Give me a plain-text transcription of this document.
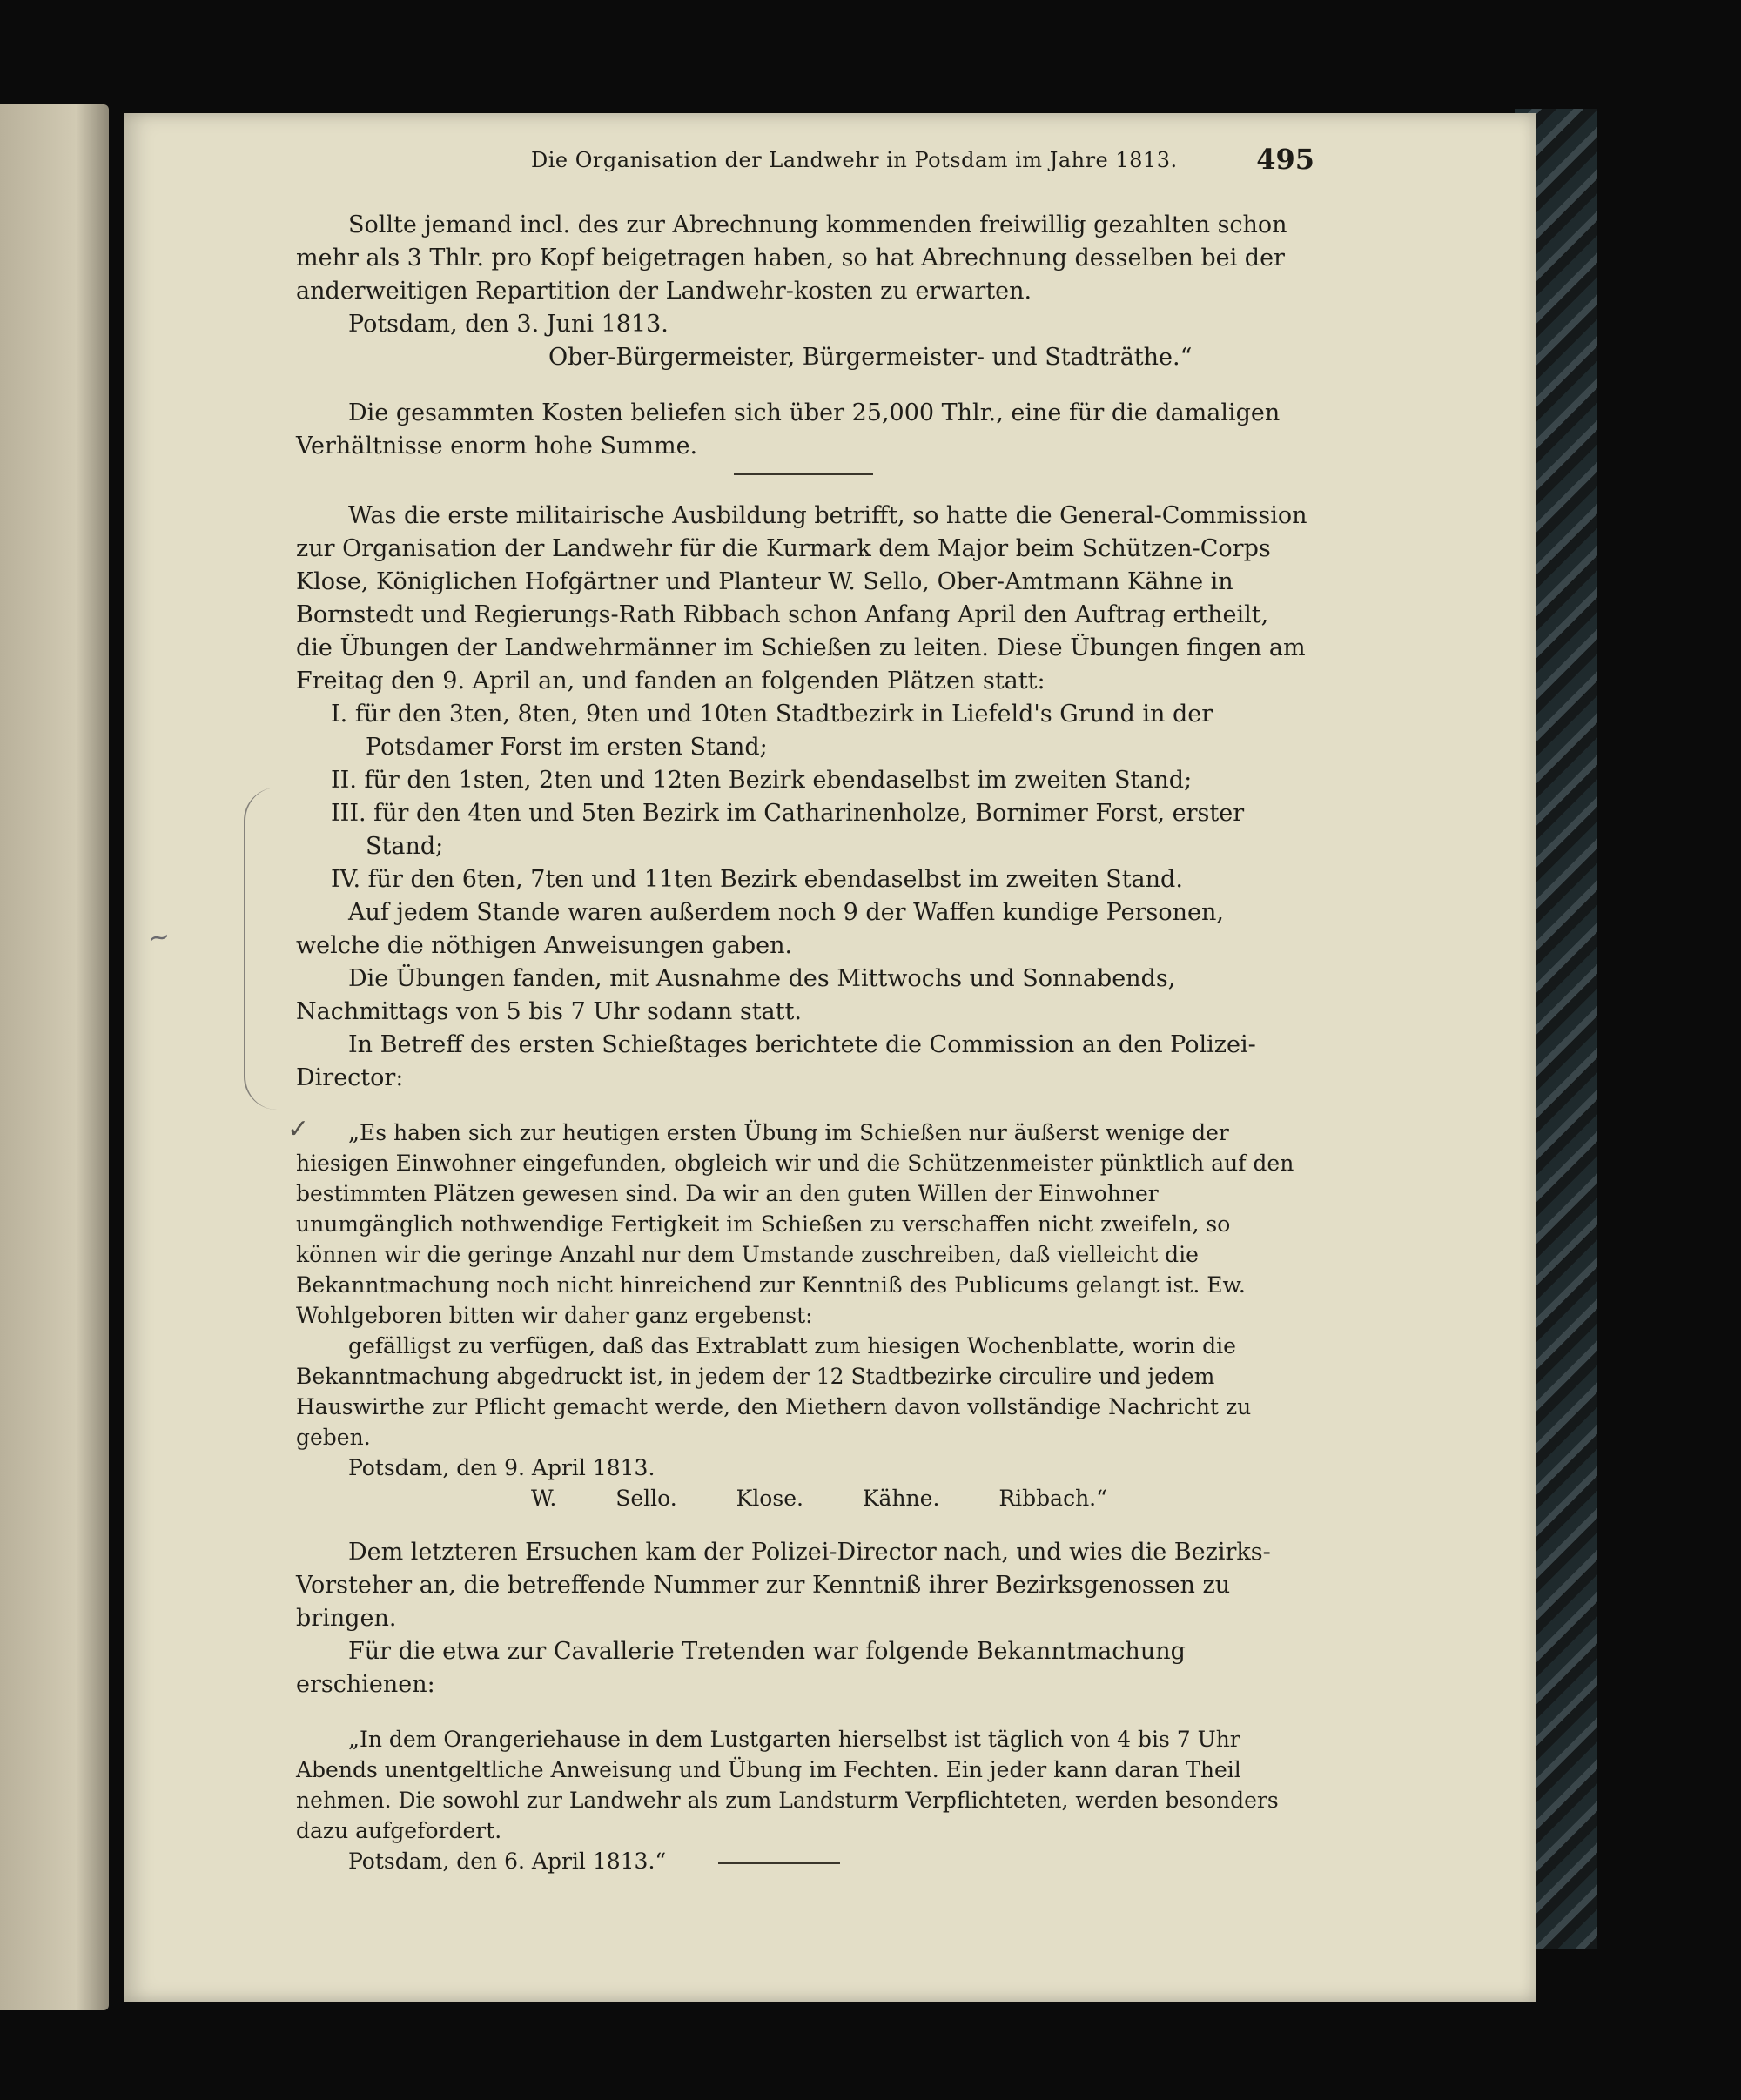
Die Organisation der Landwehr in Potsdam im Jahre 1813.	495
~
✓

Sollte jemand incl. des zur Abrechnung kommenden freiwillig gezahlten schon mehr als 3 Thlr. pro Kopf beigetragen haben, so hat Abrechnung desselben bei der anderweitigen Repartition der Landwehr-kosten zu erwarten.

Potsdam, den 3. Juni 1813.

Ober-Bürgermeister, Bürgermeister- und Stadträthe.“

Die gesammten Kosten beliefen sich über 25,000 Thlr., eine für die damaligen Verhältnisse enorm hohe Summe.

Was die erste militairische Ausbildung betrifft, so hatte die General-Commission zur Organisation der Landwehr für die Kurmark dem Major beim Schützen-Corps Klose, Königlichen Hofgärtner und Planteur W. Sello, Ober-Amtmann Kähne in Bornstedt und Regierungs-Rath Ribbach schon Anfang April den Auftrag ertheilt, die Übungen der Landwehrmänner im Schießen zu leiten. Diese Übungen fingen am Freitag den 9. April an, und fanden an folgenden Plätzen statt:

I. für den 3ten, 8ten, 9ten und 10ten Stadtbezirk in Liefeld's Grund in der Potsdamer Forst im ersten Stand;

II. für den 1sten, 2ten und 12ten Bezirk ebendaselbst im zweiten Stand;

III. für den 4ten und 5ten Bezirk im Catharinenholze, Bornimer Forst, erster Stand;

IV. für den 6ten, 7ten und 11ten Bezirk ebendaselbst im zweiten Stand.

Auf jedem Stande waren außerdem noch 9 der Waffen kundige Personen, welche die nöthigen Anweisungen gaben.

Die Übungen fanden, mit Ausnahme des Mittwochs und Sonnabends, Nachmittags von 5 bis 7 Uhr sodann statt.

In Betreff des ersten Schießtages berichtete die Commission an den Polizei-Director:

„Es haben sich zur heutigen ersten Übung im Schießen nur äußerst wenige der hiesigen Einwohner eingefunden, obgleich wir und die Schützenmeister pünktlich auf den bestimmten Plätzen gewesen sind. Da wir an den guten Willen der Einwohner unumgänglich nothwendige Fertigkeit im Schießen zu verschaffen nicht zweifeln, so können wir die geringe Anzahl nur dem Umstande zuschreiben, daß vielleicht die Bekanntmachung noch nicht hinreichend zur Kenntniß des Publicums gelangt ist. Ew. Wohlgeboren bitten wir daher ganz ergebenst:

gefälligst zu verfügen, daß das Extrablatt zum hiesigen Wochenblatte, worin die Bekanntmachung abgedruckt ist, in jedem der 12 Stadtbezirke circulire und jedem Hauswirthe zur Pflicht gemacht werde, den Miethern davon vollständige Nachricht zu geben.

Potsdam, den 9. April 1813.

W. Sello. Klose. Kähne. Ribbach.“

Dem letzteren Ersuchen kam der Polizei-Director nach, und wies die Bezirks-Vorsteher an, die betreffende Nummer zur Kenntniß ihrer Bezirksgenossen zu bringen.

Für die etwa zur Cavallerie Tretenden war folgende Bekanntmachung erschienen:

„In dem Orangeriehause in dem Lustgarten hierselbst ist täglich von 4 bis 7 Uhr Abends unentgeltliche Anweisung und Übung im Fechten. Ein jeder kann daran Theil nehmen. Die sowohl zur Landwehr als zum Landsturm Verpflichteten, werden besonders dazu aufgefordert.

Potsdam, den 6. April 1813.“
